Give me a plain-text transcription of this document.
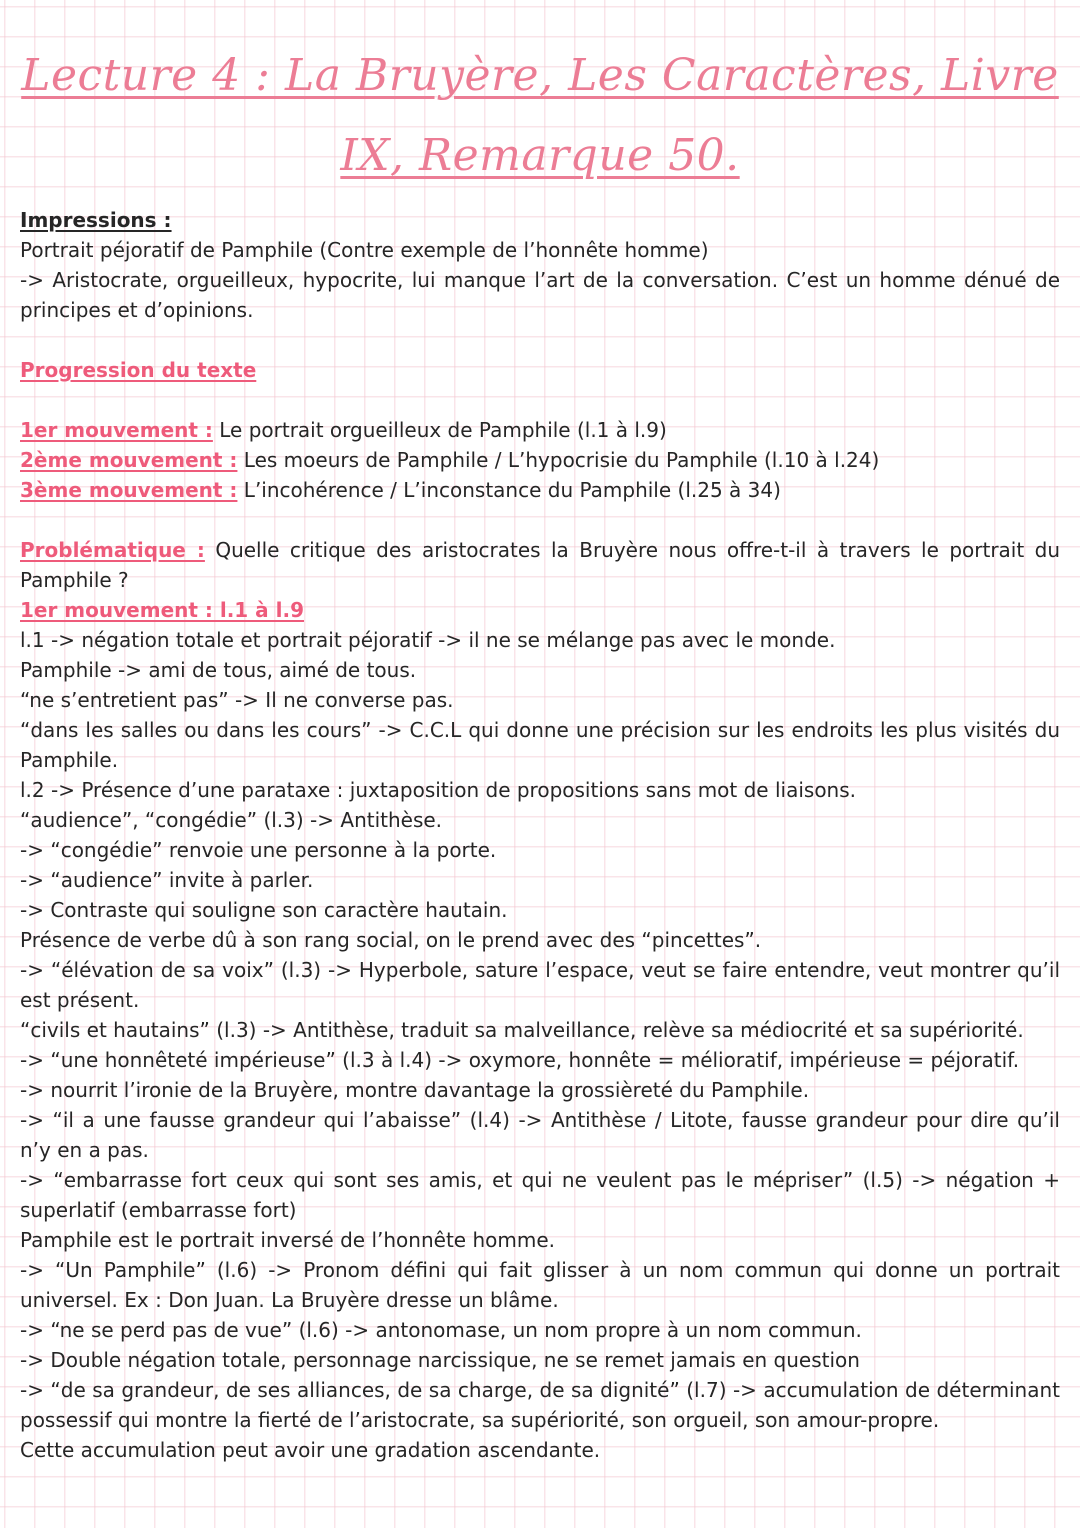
Lecture 4 : La Bruyère, Les Caractères, Livre
IX, Remarque 50.
Impressions :

Portrait péjoratif de Pamphile (Contre exemple de l’honnête homme)

-> Aristocrate, orgueilleux, hypocrite, lui manque l’art de la conversation. C’est un homme dénué de principes et d’opinions.

Progression du texte
1er mouvement : Le portrait orgueilleux de Pamphile (l.1 à l.9)
2ème mouvement : Les moeurs de Pamphile / L’hypocrisie du Pamphile (l.10 à l.24)
3ème mouvement : L’incohérence / L’inconstance du Pamphile (l.25 à 34)

Problématique : Quelle critique des aristocrates la Bruyère nous offre-t-il à travers le portrait du Pamphile ?

1er mouvement : l.1 à l.9

l.1 -> négation totale et portrait péjoratif -> il ne se mélange pas avec le monde.

Pamphile -> ami de tous, aimé de tous.

“ne s’entretient pas” -> Il ne converse pas.

“dans les salles ou dans les cours” -> C.C.L qui donne une précision sur les endroits les plus visités du Pamphile.

l.2 -> Présence d’une parataxe : juxtaposition de propositions sans mot de liaisons.

“audience”, “congédie” (l.3) -> Antithèse.

-> “congédie” renvoie une personne à la porte.

-> “audience” invite à parler.

-> Contraste qui souligne son caractère hautain.

Présence de verbe dû à son rang social, on le prend avec des “pincettes”.

-> “élévation de sa voix” (l.3) -> Hyperbole, sature l’espace, veut se faire entendre, veut montrer qu’il est présent.

“civils et hautains” (l.3) -> Antithèse, traduit sa malveillance, relève sa médiocrité et sa supériorité.

-> “une honnêteté impérieuse” (l.3 à l.4) -> oxymore, honnête = mélioratif, impérieuse = péjoratif.

-> nourrit l’ironie de la Bruyère, montre davantage la grossièreté du Pamphile.

-> “il a une fausse grandeur qui l’abaisse” (l.4) -> Antithèse / Litote, fausse grandeur pour dire qu’il n’y en a pas.

-> “embarrasse fort ceux qui sont ses amis, et qui ne veulent pas le mépriser” (l.5) -> négation + superlatif (embarrasse fort)

Pamphile est le portrait inversé de l’honnête homme.

-> “Un Pamphile” (l.6) -> Pronom défini qui fait glisser à un nom commun qui donne un portrait universel. Ex : Don Juan. La Bruyère dresse un blâme.

-> “ne se perd pas de vue” (l.6) -> antonomase, un nom propre à un nom commun.

-> Double négation totale, personnage narcissique, ne se remet jamais en question

-> “de sa grandeur, de ses alliances, de sa charge, de sa dignité” (l.7) -> accumulation de déterminant possessif qui montre la fierté de l’aristocrate, sa supériorité, son orgueil, son amour-propre.

Cette accumulation peut avoir une gradation ascendante.
